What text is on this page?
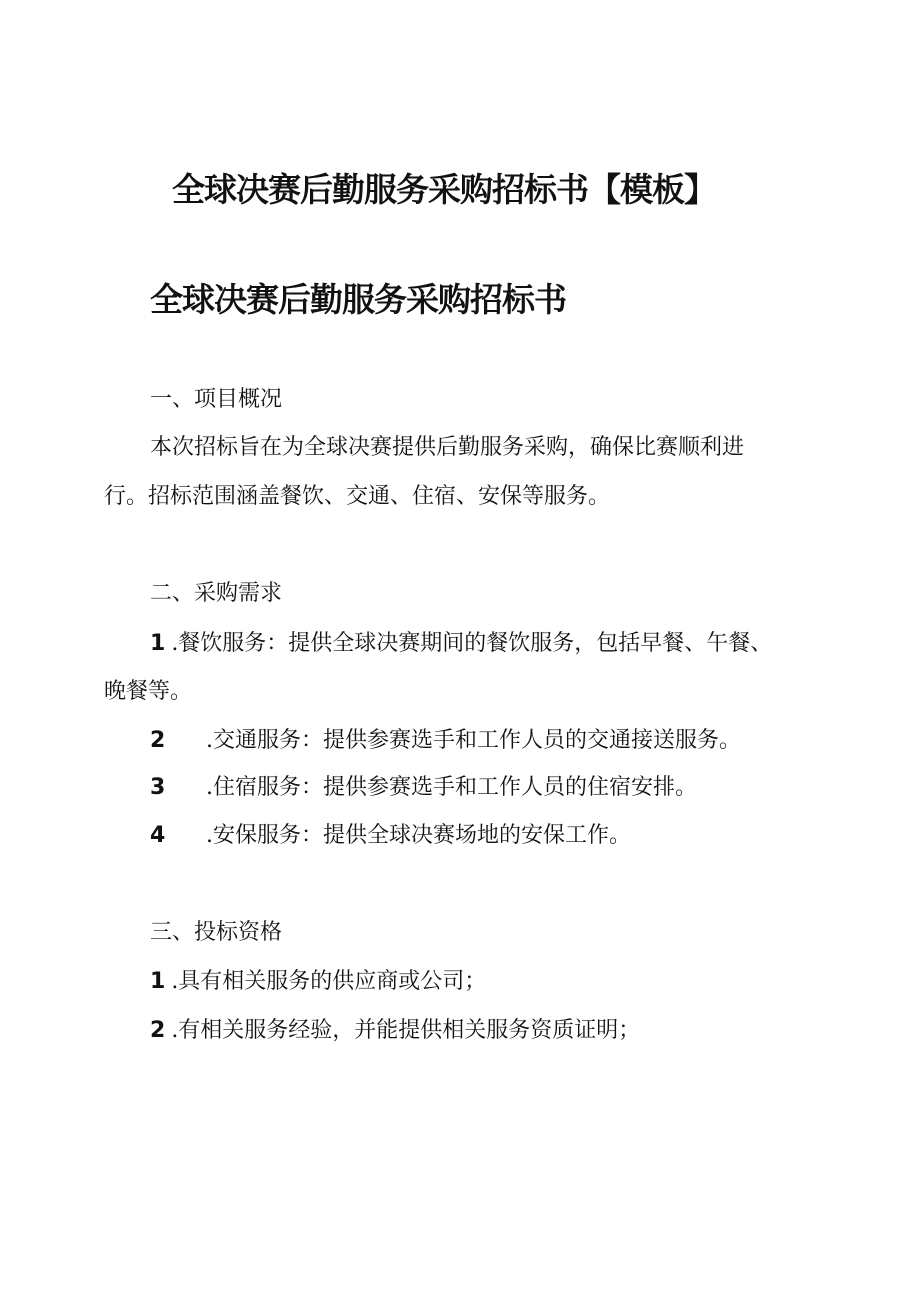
全球决赛后勤服务采购招标书【模板】
全球决赛后勤服务采购招标书
一、项目概况
本次招标旨在为全球决赛提供后勤服务采购，确保比赛顺利进
行。招标范围涵盖餐饮、交通、住宿、安保等服务。
二、采购需求
1 .餐饮服务：提供全球决赛期间的餐饮服务，包括早餐、午餐、
晚餐等。
2 .交通服务：提供参赛选手和工作人员的交通接送服务。
3 .住宿服务：提供参赛选手和工作人员的住宿安排。
4 .安保服务：提供全球决赛场地的安保工作。
三、投标资格
1 .具有相关服务的供应商或公司；
2 .有相关服务经验，并能提供相关服务资质证明；
